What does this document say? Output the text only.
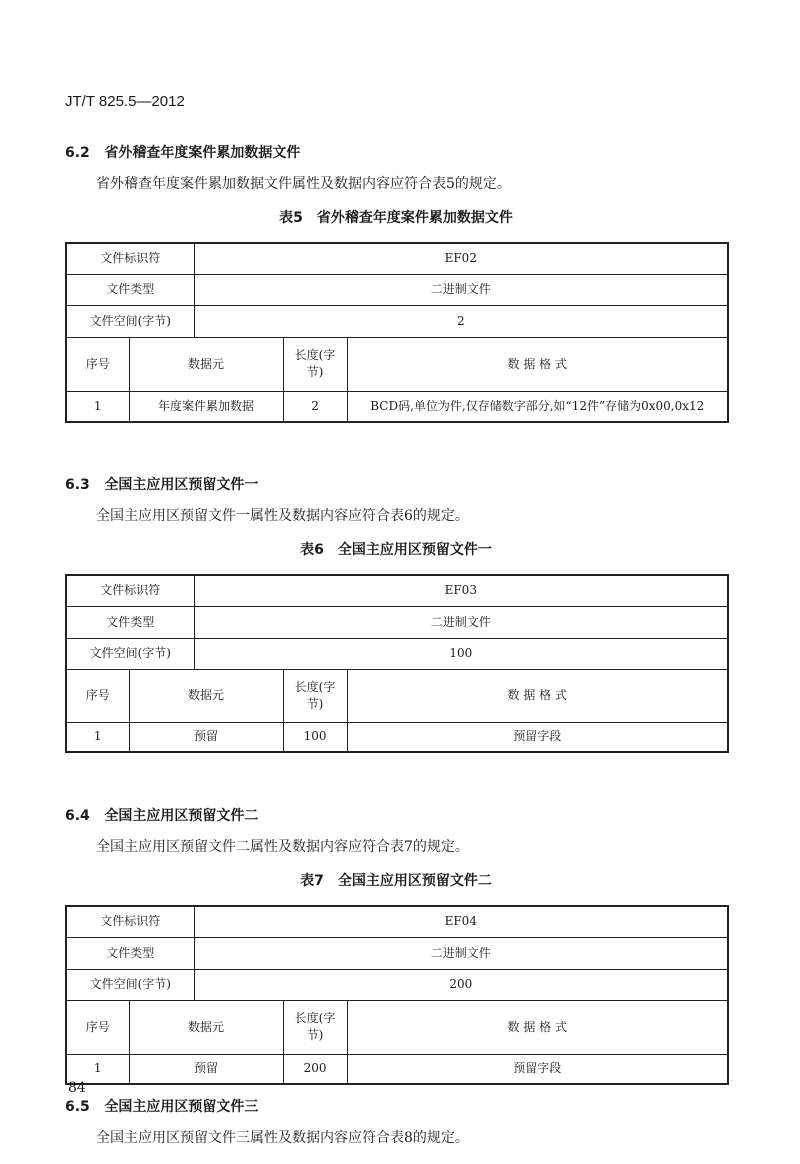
JT/T 825.5—2012
6.2 省外稽查年度案件累加数据文件
省外稽查年度案件累加数据文件属性及数据内容应符合表5的规定。
表5　省外稽查年度案件累加数据文件
文件标识符		EF02		
文件类型		二进制文件		
文件空间(字节)		2		
序号	数据元		长度(字节)	数 据 格 式
1	年度案件累加数据		2	BCD码,单位为件,仅存储数字部分,如“12件”存储为0x00,0x12
6.3 全国主应用区预留文件一
全国主应用区预留文件一属性及数据内容应符合表6的规定。
表6　全国主应用区预留文件一
文件标识符		EF03		
文件类型		二进制文件		
文件空间(字节)		100		
序号	数据元		长度(字节)	数 据 格 式
1	预留		100	预留字段
6.4 全国主应用区预留文件二
全国主应用区预留文件二属性及数据内容应符合表7的规定。
表7　全国主应用区预留文件二
文件标识符		EF04		
文件类型		二进制文件		
文件空间(字节)		200		
序号	数据元		长度(字节)	数 据 格 式
1	预留		200	预留字段
6.5 全国主应用区预留文件三
全国主应用区预留文件三属性及数据内容应符合表8的规定。
84
